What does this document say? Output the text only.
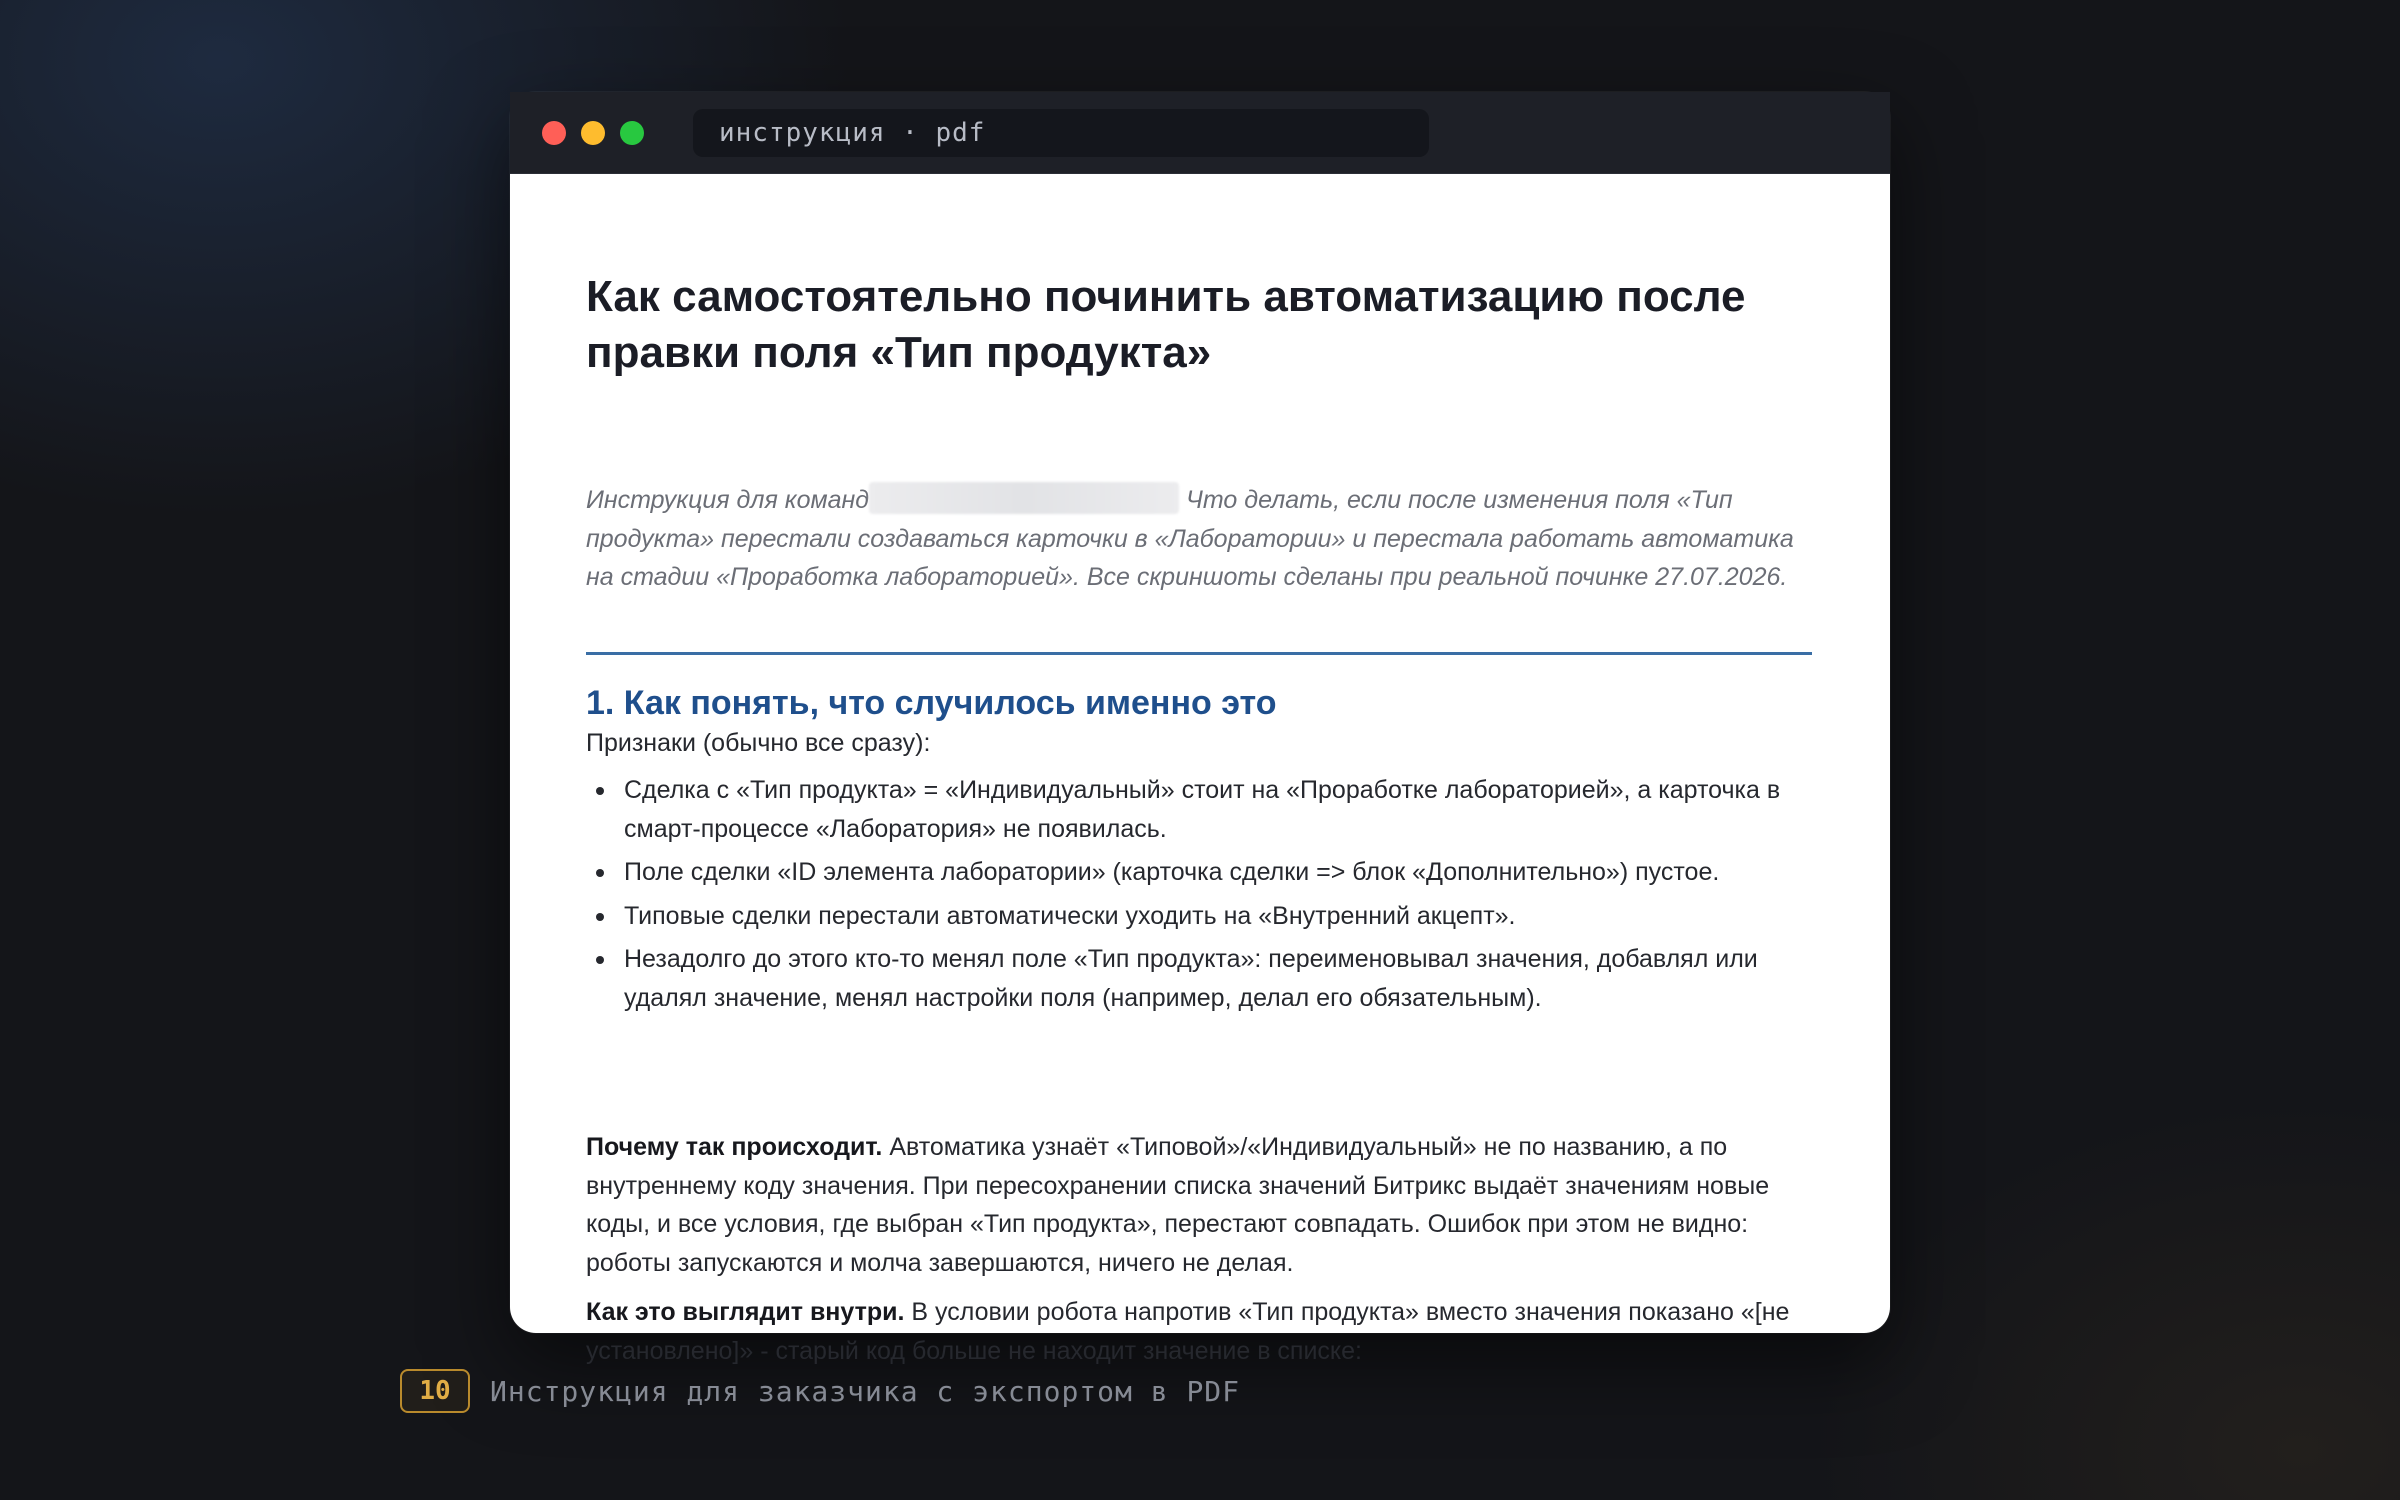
инструкция · pdf
Как самостоятельно починить автоматизацию после правки поля «Тип продукта»

Инструкция для команд	Что делать, если после изменения поля «Тип продукта» перестали создаваться карточки в «Лаборатории» и перестала работать автоматика на стадии «Проработка лабораторией». Все скриншоты сделаны при реальной починке 27.07.2026.

1. Как понять, что случилось именно это

Признаки (обычно все сразу):

Сделка с «Тип продукта» = «Индивидуальный» стоит на «Проработке лабораторией», а карточка в смарт-процессе «Лаборатория» не появилась.
Поле сделки «ID элемента лаборатории» (карточка сделки => блок «Дополнительно») пустое.
Типовые сделки перестали автоматически уходить на «Внутренний акцепт».
Незадолго до этого кто-то менял поле «Тип продукта»: переименовывал значения, добавлял или удалял значение, менял настройки поля (например, делал его обязательным).

Почему так происходит. Автоматика узнаёт «Типовой»/«Индивидуальный» не по названию, а по внутреннему коду значения. При пересохранении списка значений Битрикс выдаёт значениям новые коды, и все условия, где выбран «Тип продукта», перестают совпадать. Ошибок при этом не видно: роботы запускаются и молча завершаются, ничего не делая.

Как это выглядит внутри. В условии робота напротив «Тип продукта» вместо значения показано «[не установлено]» - старый код больше не находит значение в списке:

10	Инструкция для заказчика с экспортом в PDF
